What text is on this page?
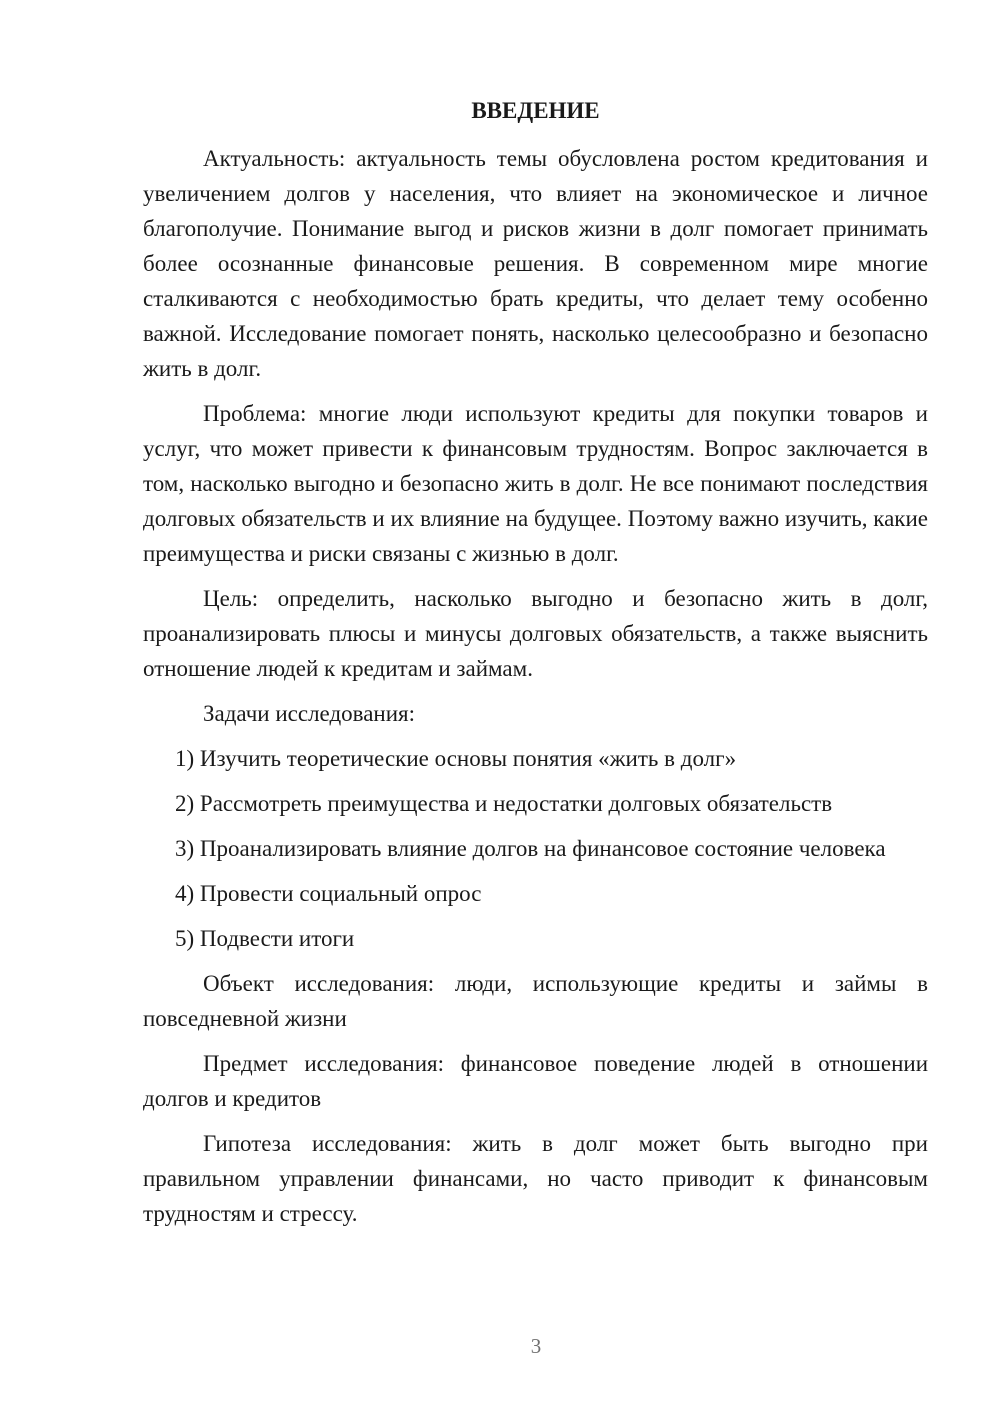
ВВЕДЕНИЕ

Актуальность: актуальность темы обусловлена ростом кредитования и увеличением долгов у населения, что влияет на экономическое и личное благополучие. Понимание выгод и рисков жизни в долг помогает принимать более осознанные финансовые решения. В современном мире многие сталкиваются с необходимостью брать кредиты, что делает тему особенно важной. Исследование помогает понять, насколько целесообразно и безопасно жить в долг.

Проблема: многие люди используют кредиты для покупки товаров и услуг, что может привести к финансовым трудностям. Вопрос заключается в том, насколько выгодно и безопасно жить в долг. Не все понимают последствия долговых обязательств и их влияние на будущее. Поэтому важно изучить, какие преимущества и риски связаны с жизнью в долг.

Цель: определить, насколько выгодно и безопасно жить в долг, проанализировать плюсы и минусы долговых обязательств, а также выяснить отношение людей к кредитам и займам.

Задачи исследования:

1) Изучить теоретические основы понятия «жить в долг»

2) Рассмотреть преимущества и недостатки долговых обязательств

3) Проанализировать влияние долгов на финансовое состояние человека

4) Провести социальный опрос

5) Подвести итоги

Объект исследования: люди, использующие кредиты и займы в повседневной жизни

Предмет исследования: финансовое поведение людей в отношении долгов и кредитов

Гипотеза исследования: жить в долг может быть выгодно при правильном управлении финансами, но часто приводит к финансовым трудностям и стрессу.

3
